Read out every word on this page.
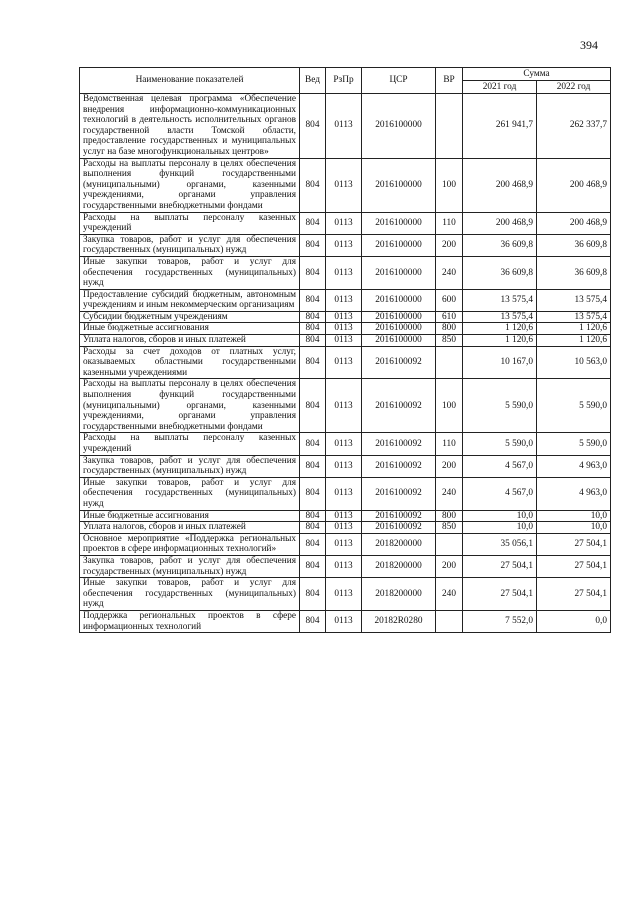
394
Наименование показателей	Вед	РзПр	ЦСР	ВР	Сумма	
					2021 год	2022 год
Ведомственная целевая программа «Обеспечение внедрения информационно-коммуникационных технологий в деятельность исполнительных органов государственной власти Томской области, предоставление государственных и муниципальных услуг на базе многофункциональных центров»	804	0113	2016100000		261 941,7	262 337,7
Расходы на выплаты персоналу в целях обеспечения выполнения функций государственными (муниципальными) органами, казенными учреждениями, органами управления государственными внебюджетными фондами	804	0113	2016100000	100	200 468,9	200 468,9
Расходы на выплаты персоналу казенных учреждений	804	0113	2016100000	110	200 468,9	200 468,9
Закупка товаров, работ и услуг для обеспечения государственных (муниципальных) нужд	804	0113	2016100000	200	36 609,8	36 609,8
Иные закупки товаров, работ и услуг для обеспечения государственных (муниципальных) нужд	804	0113	2016100000	240	36 609,8	36 609,8
Предоставление субсидий бюджетным, автономным учреждениям и иным некоммерческим организациям	804	0113	2016100000	600	13 575,4	13 575,4
Субсидии бюджетным учреждениям	804	0113	2016100000	610	13 575,4	13 575,4
Иные бюджетные ассигнования	804	0113	2016100000	800	1 120,6	1 120,6
Уплата налогов, сборов и иных платежей	804	0113	2016100000	850	1 120,6	1 120,6
Расходы за счет доходов от платных услуг, оказываемых областными государственными казенными учреждениями	804	0113	2016100092		10 167,0	10 563,0
Расходы на выплаты персоналу в целях обеспечения выполнения функций государственными (муниципальными) органами, казенными учреждениями, органами управления государственными внебюджетными фондами	804	0113	2016100092	100	5 590,0	5 590,0
Расходы на выплаты персоналу казенных учреждений	804	0113	2016100092	110	5 590,0	5 590,0
Закупка товаров, работ и услуг для обеспечения государственных (муниципальных) нужд	804	0113	2016100092	200	4 567,0	4 963,0
Иные закупки товаров, работ и услуг для обеспечения государственных (муниципальных) нужд	804	0113	2016100092	240	4 567,0	4 963,0
Иные бюджетные ассигнования	804	0113	2016100092	800	10,0	10,0
Уплата налогов, сборов и иных платежей	804	0113	2016100092	850	10,0	10,0
Основное мероприятие «Поддержка региональных проектов в сфере информационных технологий»	804	0113	2018200000		35 056,1	27 504,1
Закупка товаров, работ и услуг для обеспечения государственных (муниципальных) нужд	804	0113	2018200000	200	27 504,1	27 504,1
Иные закупки товаров, работ и услуг для обеспечения государственных (муниципальных) нужд	804	0113	2018200000	240	27 504,1	27 504,1
Поддержка региональных проектов в сфере информационных технологий	804	0113	20182R0280		7 552,0	0,0
